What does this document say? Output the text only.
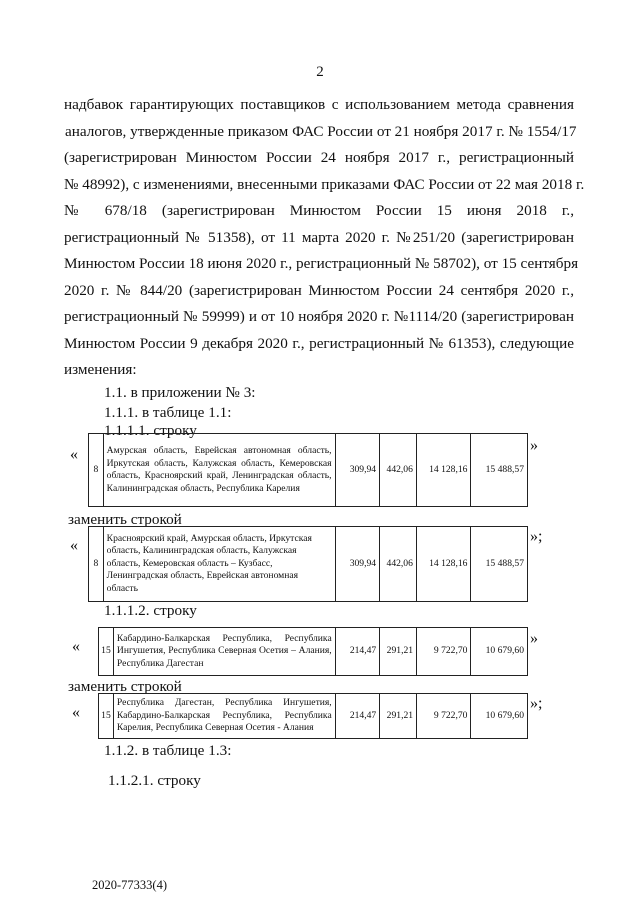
2
надбавок гарантирующих поставщиков с использованием метода сравнения
аналогов, утвержденные приказом ФАС России от 21 ноября 2017 г. № 1554/17
(зарегистрирован Минюстом России 24 ноября 2017 г., регистрационный
№ 48992), с изменениями, внесенными приказами ФАС России от 22 мая 2018 г.
№ 678/18 (зарегистрирован Минюстом России 15 июня 2018 г.,
регистрационный № 51358), от 11 марта 2020 г. №251/20 (зарегистрирован
Минюстом России 18 июня 2020 г., регистрационный № 58702), от 15 сентября
2020 г. № 844/20 (зарегистрирован Минюстом России 24 сентября 2020 г.,
регистрационный № 59999) и от 10 ноября 2020 г. №1114/20 (зарегистрирован
Минюстом России 9 декабря 2020 г., регистрационный № 61353), следующие
изменения:
1.1. в приложении № 3:
1.1.1. в таблице 1.1:
1.1.1.1. строку
«
8	Амурская область, Еврейская автономная область, Иркутская область, Калужская область, Кемеровская область, Красноярский край, Ленинградская область, Калининградская область, Республика Карелия	309,94	442,06	14 128,16	15 488,57
»
заменить строкой
«
8	Красноярский край, Амурская область, Иркутская область, Калининградская область, Калужская область, Кемеровская область – Кузбасс, Ленинградская область, Еврейская автономная область	309,94	442,06	14 128,16	15 488,57
»;
1.1.1.2. строку
« 15	Кабардино-Балкарская Республика, Республика Ингушетия, Республика Северная Осетия – Алания, Республика Дагестан	214,47	291,21	9 722,70	10 679,60
»
заменить строкой
« 15	Республика Дагестан, Республика Ингушетия, Кабардино-Балкарская Республика, Республика Карелия, Республика Северная Осетия - Алания	214,47	291,21	9 722,70	10 679,60
»;
1.1.2. в таблице 1.3:
1.1.2.1. строку
2020-77333(4)
